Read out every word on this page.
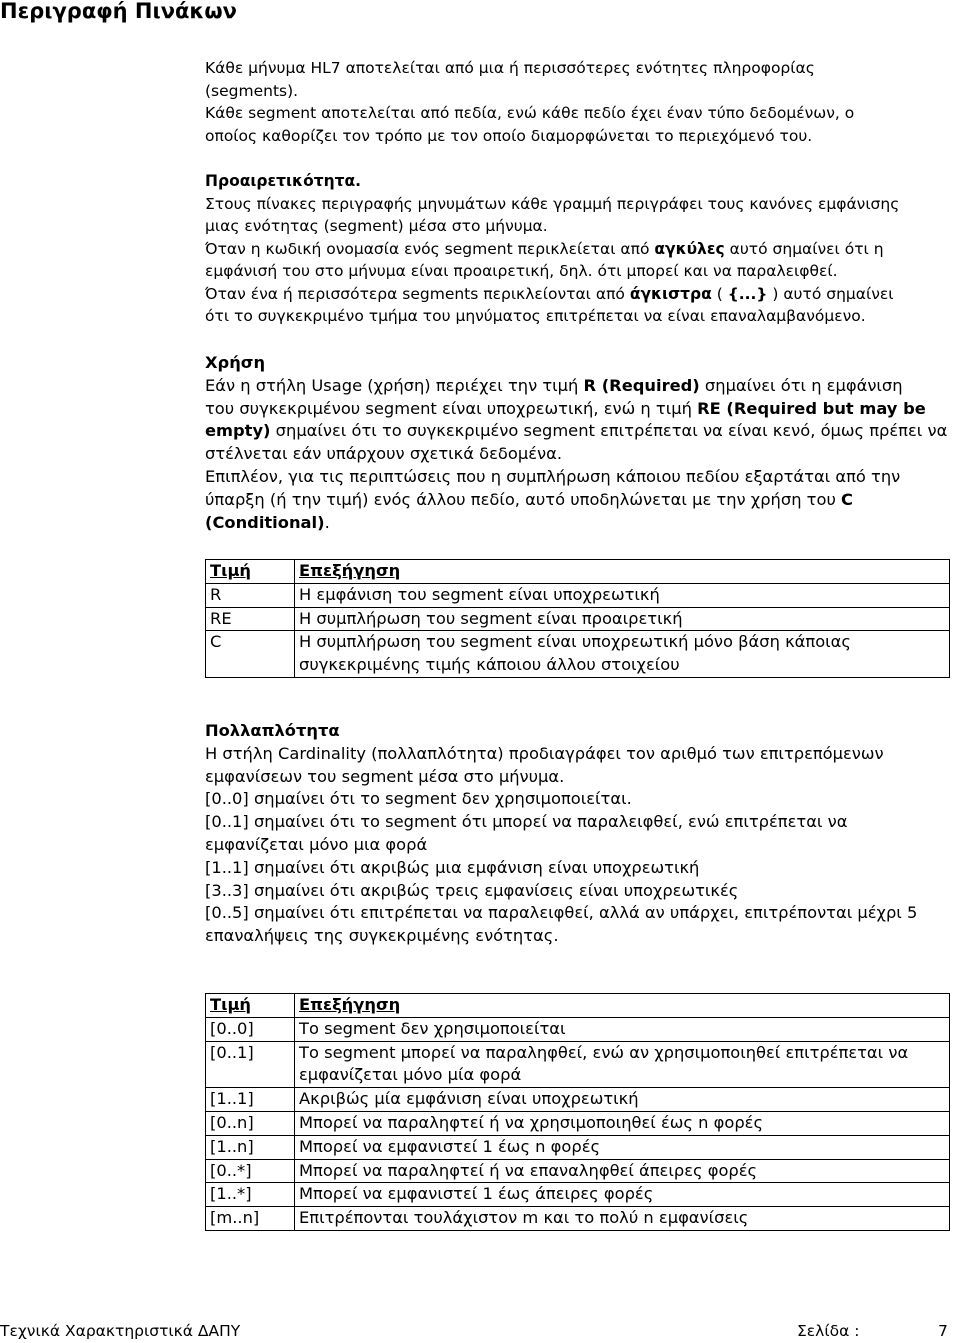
Περιγραφή Πινάκων

Κάθε μήνυμα HL7 αποτελείται από μια ή περισσότερες ενότητες πληροφορίας

(segments).

Κάθε segment αποτελείται από πεδία, ενώ κάθε πεδίο έχει έναν τύπο δεδομένων, ο

οποίος καθορίζει τον τρόπο με τον οποίο διαμορφώνεται το περιεχόμενό του.

Προαιρετικότητα.

Στους πίνακες περιγραφής μηνυμάτων κάθε γραμμή περιγράφει τους κανόνες εμφάνισης

μιας ενότητας (segment) μέσα στο μήνυμα.

Όταν η κωδική ονομασία ενός segment περικλείεται από αγκύλες αυτό σημαίνει ότι η

εμφάνισή του στο μήνυμα είναι προαιρετική, δηλ. ότι μπορεί και να παραλειφθεί.

Όταν ένα ή περισσότερα segments περικλείονται από άγκιστρα ( {...} ) αυτό σημαίνει

ότι το συγκεκριμένο τμήμα του μηνύματος επιτρέπεται να είναι επαναλαμβανόμενο.

Χρήση

Εάν η στήλη Usage (χρήση) περιέχει την τιμή R (Required) σημαίνει ότι η εμφάνιση

του συγκεκριμένου segment είναι υποχρεωτική, ενώ η τιμή RE (Required but may be

empty) σημαίνει ότι το συγκεκριμένο segment επιτρέπεται να είναι κενό, όμως πρέπει να

στέλνεται εάν υπάρχουν σχετικά δεδομένα.

Επιπλέον, για τις περιπτώσεις που η συμπλήρωση κάποιου πεδίου εξαρτάται από την

ύπαρξη (ή την τιμή) ενός άλλου πεδίο, αυτό υποδηλώνεται με την χρήση του C

(Conditional).

Τιμή	Επεξήγηση
R	Η εμφάνιση του segment είναι υποχρεωτική
RE	Η συμπλήρωση του segment είναι προαιρετική
C	Η συμπλήρωση του segment είναι υποχρεωτική μόνο βάση κάποιας συγκεκριμένης τιμής κάποιου άλλου στοιχείου

Πολλαπλότητα

Η στήλη Cardinality (πολλαπλότητα) προδιαγράφει τον αριθμό των επιτρεπόμενων

εμφανίσεων του segment μέσα στο μήνυμα.

[0..0] σημαίνει ότι το segment δεν χρησιμοποιείται.

[0..1] σημαίνει ότι το segment ότι μπορεί να παραλειφθεί, ενώ επιτρέπεται να

εμφανίζεται μόνο μια φορά

[1..1] σημαίνει ότι ακριβώς μια εμφάνιση είναι υποχρεωτική

[3..3] σημαίνει ότι ακριβώς τρεις εμφανίσεις είναι υποχρεωτικές

[0..5] σημαίνει ότι επιτρέπεται να παραλειφθεί, αλλά αν υπάρχει, επιτρέπονται μέχρι 5

επαναλήψεις της συγκεκριμένης ενότητας.

Τιμή	Επεξήγηση
[0..0]	Το segment δεν χρησιμοποιείται
[0..1]	Το segment μπορεί να παραληφθεί, ενώ αν χρησιμοποιηθεί επιτρέπεται να εμφανίζεται μόνο μία φορά
[1..1]	Ακριβώς μία εμφάνιση είναι υποχρεωτική
[0..n]	Μπορεί να παραληφτεί ή να χρησιμοποιηθεί έως n φορές
[1..n]	Μπορεί να εμφανιστεί 1 έως n φορές
[0..*]	Μπορεί να παραληφτεί ή να επαναληφθεί άπειρες φορές
[1..*]	Μπορεί να εμφανιστεί 1 έως άπειρες φορές
[m..n]	Επιτρέπονται τουλάχιστον m και το πολύ n εμφανίσεις
Τεχνικά Χαρακτηριστικά ΔΑΠΥ	Σελίδα :	7
